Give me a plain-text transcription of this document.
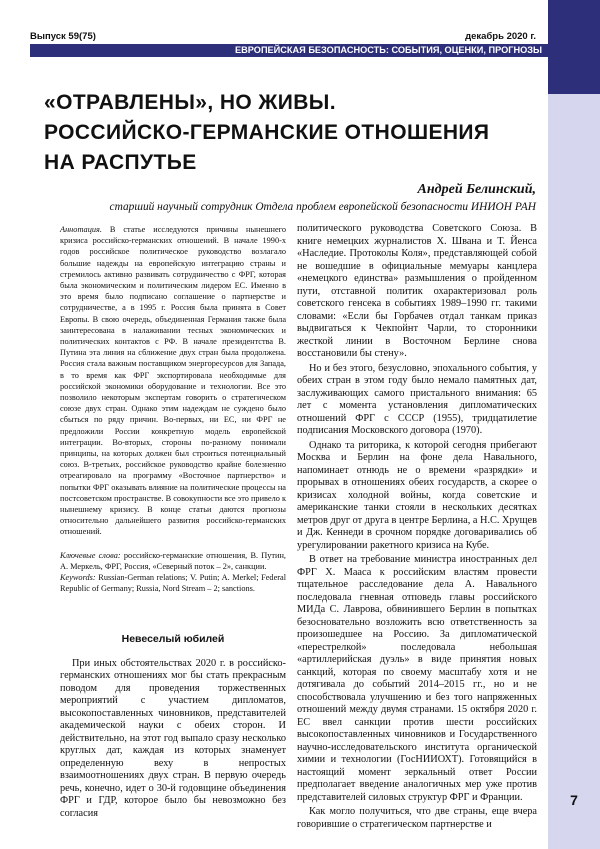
7
Выпуск 59(75)	декабрь 2020 г.
ЕВРОПЕЙСКАЯ БЕЗОПАСНОСТЬ: СОБЫТИЯ, ОЦЕНКИ, ПРОГНОЗЫ
«ОТРАВЛЕНЫ», НО ЖИВЫ.
РОССИЙСКО-ГЕРМАНСКИЕ ОТНОШЕНИЯ
НА РАСПУТЬЕ
Андрей Белинский,
старший научный сотрудник Отдела проблем европейской безопасности ИНИОН РАН

Аннотация. В статье исследуются причины нынешнего кризиса российско-германских отношений. В начале 1990-х годов российское политическое руководство возлагало большие надежды на европейскую интеграцию страны и стремилось активно развивать сотрудничество с ФРГ, которая была экономическим и политическим лидером ЕС. Именно в это время было подписано соглашение о партнерстве и сотрудничестве, а в 1995 г. Россия была принята в Совет Европы. В свою очередь, объединенная Германия также была заинтересована в налаживании тесных экономических и политических контактов с РФ. В начале президентства В. Путина эта линия на сближение двух стран была продолжена. Россия стала важным поставщиком энергоресурсов для Запада, в то время как ФРГ экспортировала необходимые для российской экономики оборудование и технологии. Все это позволило некоторым экспертам говорить о стратегическом союзе двух стран. Однако этим надеждам не суждено было сбыться по ряду причин. Во-первых, ни ЕС, ни ФРГ не предложили России конкретную модель европейской интеграции. Во-вторых, стороны по-разному понимали принципы, на которых должен был строиться потенциальный союз. В-третьих, российское руководство крайне болезненно отреагировало на программу «Восточное партнерство» и попытки ФРГ оказывать влияние на политические процессы на постсоветском пространстве. В совокупности все это привело к нынешнему кризису. В конце статьи даются прогнозы относительно дальнейшего развития российско-германских отношений.

Ключевые слова: российско-германские отношения, В. Путин, А. Меркель, ФРГ, Россия, «Северный поток – 2», санкции.

Keywords: Russian-German relations; V. Putin; A. Merkel; Federal Republic of Germany; Russia, Nord Stream – 2; sanctions.

Невеселый юбилей

При иных обстоятельствах 2020 г. в российско-германских отношениях мог бы стать прекрасным поводом для проведения торжественных мероприятий с участием дипломатов, высокопоставленных чиновников, представителей академической науки с обеих сторон. И действительно, на этот год выпало сразу несколько круглых дат, каждая из которых знаменует определенную веху в непростых взаимоотношениях двух стран. В первую очередь речь, конечно, идет о 30-й годовщине объединения ФРГ и ГДР, которое было бы невозможно без согласия

политического руководства Советского Союза. В книге немецких журналистов Х. Швана и Т. Йенса «Наследие. Протоколы Коля», представляющей собой не вошедшие в официальные мемуары канцлера «немецкого единства» размышления о пройденном пути, отставной политик охарактеризовал роль советского генсека в событиях 1989–1990 гг. такими словами: «Если бы Горбачев отдал танкам приказ выдвигаться к Чекпойнт Чарли, то сторонники жесткой линии в Восточном Берлине снова восстановили бы стену».

Но и без этого, безусловно, эпохального события, у обеих стран в этом году было немало памятных дат, заслуживающих самого пристального внимания: 65 лет с момента установления дипломатических отношений ФРГ с СССР (1955), тридцатилетие подписания Московского договора (1970).

Однако та риторика, к которой сегодня прибегают Москва и Берлин на фоне дела Навального, напоминает отнюдь не о времени «разрядки» и прорывах в отношениях обеих государств, а скорее о кризисах холодной войны, когда советские и американские танки стояли в нескольких десятках метров друг от друга в центре Берлина, а Н.С. Хрущев и Дж. Кеннеди в срочном порядке договаривались об урегулировании ракетного кризиса на Кубе.

В ответ на требование министра иностранных дел ФРГ Х. Мааса к российским властям провести тщательное расследование дела А. Навального последовала гневная отповедь главы российского МИДа С. Лаврова, обвинившего Берлин в попытках безосновательно возложить всю ответственность за произошедшее на Россию. За дипломатической «перестрелкой» последовала небольшая «артиллерийская дуэль» в виде принятия новых санкций, которая по своему масштабу хотя и не дотягивала до событий 2014–2015 гг., но и не способствовала улучшению и без того напряженных отношений между двумя странами. 15 октября 2020 г. ЕС ввел санкции против шести российских высокопоставленных чиновников и Государственного научно-исследовательского института органической химии и технологии (ГосНИИОХТ). Готовящийся в настоящий момент зеркальный ответ России предполагает введение аналогичных мер уже против представителей силовых структур ФРГ и Франции.

Как могло получиться, что две страны, еще вчера говорившие о стратегическом партнерстве и
